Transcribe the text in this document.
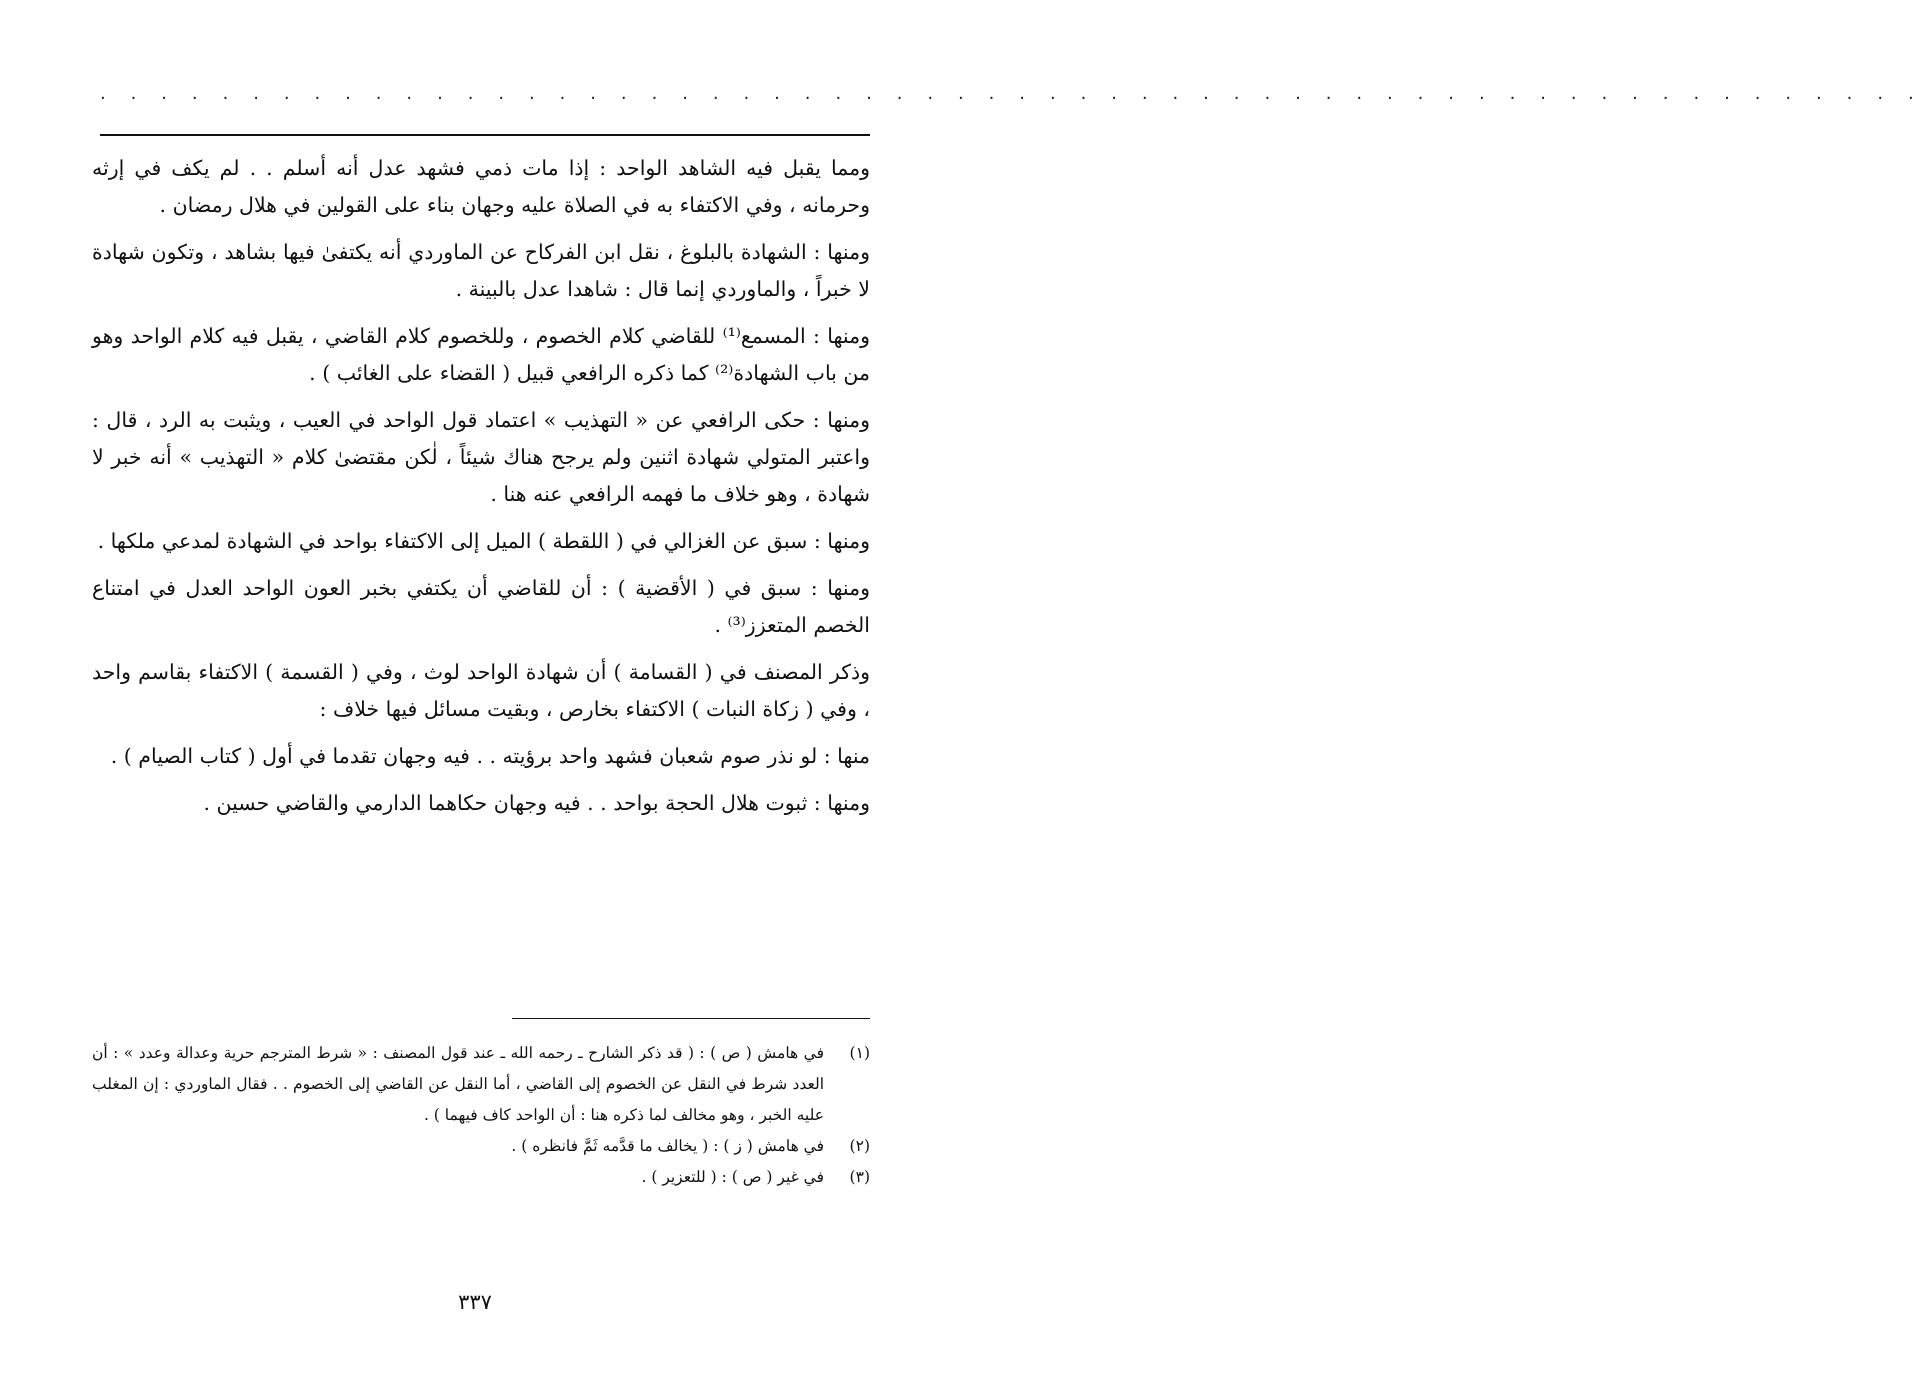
. . . . . . . . . . . . . . . . . . . . . . . . . . . . . . . . . . . . . . . . . . . . . . . . . . . . . . . . . . . .

ومما يقبل فيه الشاهد الواحد : إذا مات ذمي فشهد عدل أنه أسلم . . لم يكف في إرثه وحرمانه ، وفي الاكتفاء به في الصلاة عليه وجهان بناء على القولين في هلال رمضان .

ومنها : الشهادة بالبلوغ ، نقل ابن الفركاح عن الماوردي أنه يكتفىٰ فيها بشاهد ، وتكون شهادة لا خبراً ، والماوردي إنما قال : شاهدا عدل بالبينة .

ومنها : المسمع⁽¹⁾ للقاضي كلام الخصوم ، وللخصوم كلام القاضي ، يقبل فيه كلام الواحد وهو من باب الشهادة⁽²⁾ كما ذكره الرافعي قبيل ( القضاء على الغائب ) .

ومنها : حكى الرافعي عن « التهذيب » اعتماد قول الواحد في العيب ، ويثبت به الرد ، قال : واعتبر المتولي شهادة اثنين ولم يرجح هناك شيئاً ، لٰكن مقتضىٰ كلام « التهذيب » أنه خبر لا شهادة ، وهو خلاف ما فهمه الرافعي عنه هنا .

ومنها : سبق عن الغزالي في ( اللقطة ) الميل إلى الاكتفاء بواحد في الشهادة لمدعي ملكها .

ومنها : سبق في ( الأقضية ) : أن للقاضي أن يكتفي بخبر العون الواحد العدل في امتناع الخصم المتعزز⁽³⁾ .

وذكر المصنف في ( القسامة ) أن شهادة الواحد لوث ، وفي ( القسمة ) الاكتفاء بقاسم واحد ، وفي ( زكاة النبات ) الاكتفاء بخارص ، وبقيت مسائل فيها خلاف :

منها : لو نذر صوم شعبان فشهد واحد برؤيته . . فيه وجهان تقدما في أول ( كتاب الصيام ) .

ومنها : ثبوت هلال الحجة بواحد . . فيه وجهان حكاهما الدارمي والقاضي حسين .

(١)
في هامش ( ص ) : ( قد ذكر الشارح ـ رحمه الله ـ عند قول المصنف : « شرط المترجم حرية وعدالة وعدد » : أن العدد شرط في النقل عن الخصوم إلى القاضي ، أما النقل عن القاضي إلى الخصوم . . فقال الماوردي : إن المغلب عليه الخبر ، وهو مخالف لما ذكره هنا : أن الواحد كاف فيهما ) .
(٢)
في هامش ( ز ) : ( يخالف ما قدَّمه ثَمَّ فانظره ) .
(٣)
في غير ( ص ) : ( للتعزير ) .
٣٣٧
